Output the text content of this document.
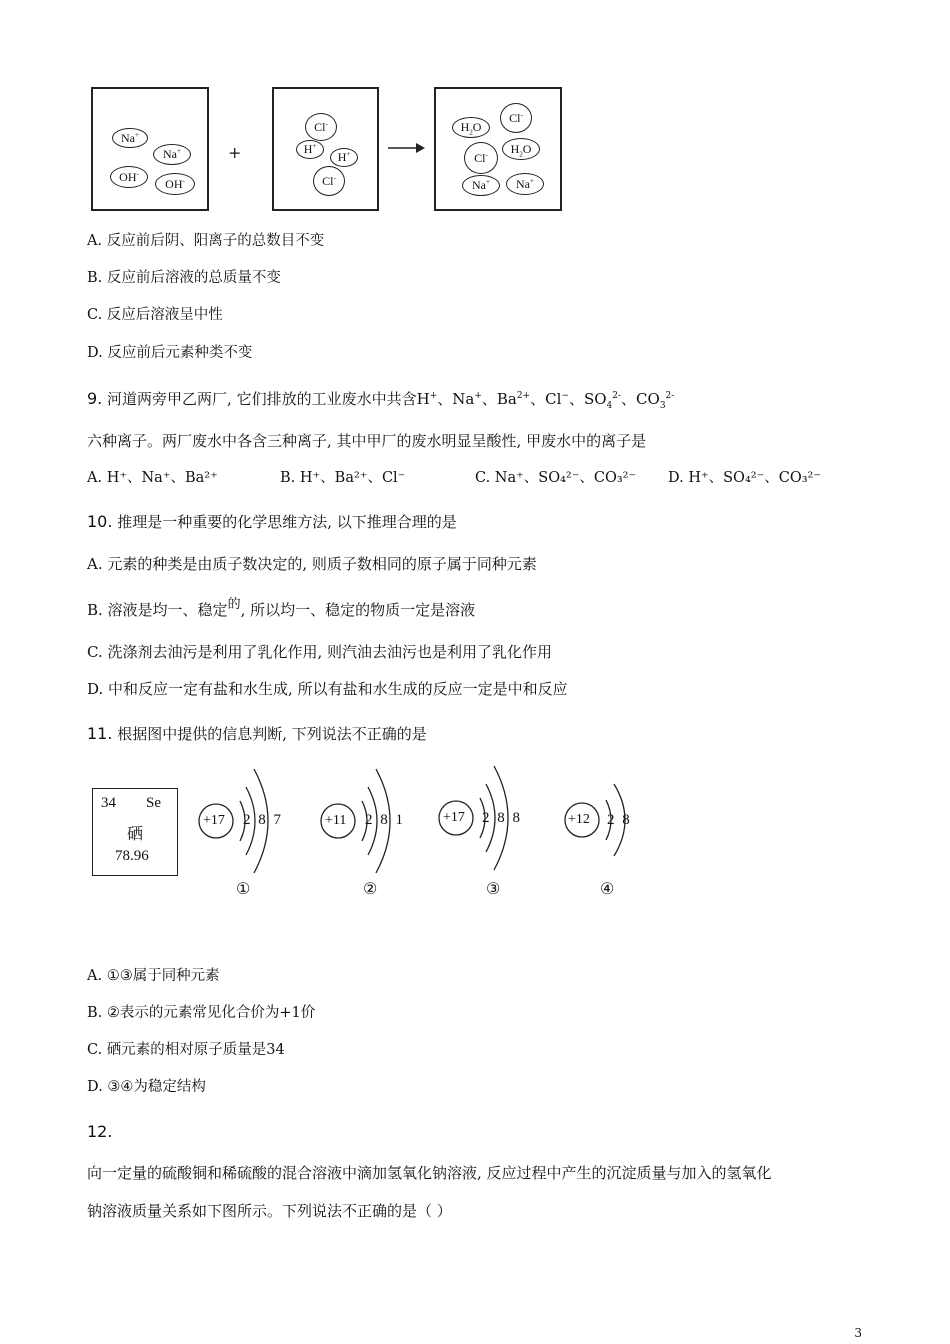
Na+
Na+
OH-
OH-
+
Cl-
H+
H+
Cl-
$H_2O$
Cl-
Cl-	$H_2O$
Na+	Na+
A. 反应前后阴、阳离子的总数目不变
B. 反应前后溶液的总质量不变
C. 反应后溶液呈中性
D. 反应前后元素种类不变
9. 河道两旁甲乙两厂, 它们排放的工业废水中共含H+、Na+、$Ba^{2+}$、Cl−、$SO_4^{2-}$、$CO_3^{2-}$
六种离子。两厂废水中各含三种离子, 其中甲厂的废水明显呈酸性, 甲废水中的离子是
A. H⁺、Na⁺、Ba²⁺	B. H⁺、Ba²⁺、Cl⁻	C. Na⁺、SO₄²⁻、CO₃²⁻ D. H⁺、SO₄²⁻、CO₃²⁻
10. 推理是一种重要的化学思维方法, 以下推理合理的是
A. 元素的种类是由质子数决定的, 则质子数相同的原子属于同种元素
B. 溶液是均一、稳定的, 所以均一、稳定的物质一定是溶液
C. 洗涤剂去油污是利用了乳化作用, 则汽油去油污也是利用了乳化作用
D. 中和反应一定有盐和水生成, 所以有盐和水生成的反应一定是中和反应
11. 根据图中提供的信息判断, 下列说法不正确的是
34 Se
硒
78.96
+17 2 8 7
①
+11 2 8 1
②
+17 2 8 8
③
+12 2 8
④
A. ①③属于同种元素
B. ②表示的元素常见化合价为+1价
C. 硒元素的相对原子质量是34
D. ③④为稳定结构
12.
向一定量的硫酸铜和稀硫酸的混合溶液中滴加氢氧化钠溶液, 反应过程中产生的沉淀质量与加入的氢氧化
钠溶液质量关系如下图所示。下列说法不正确的是（ ）
3
